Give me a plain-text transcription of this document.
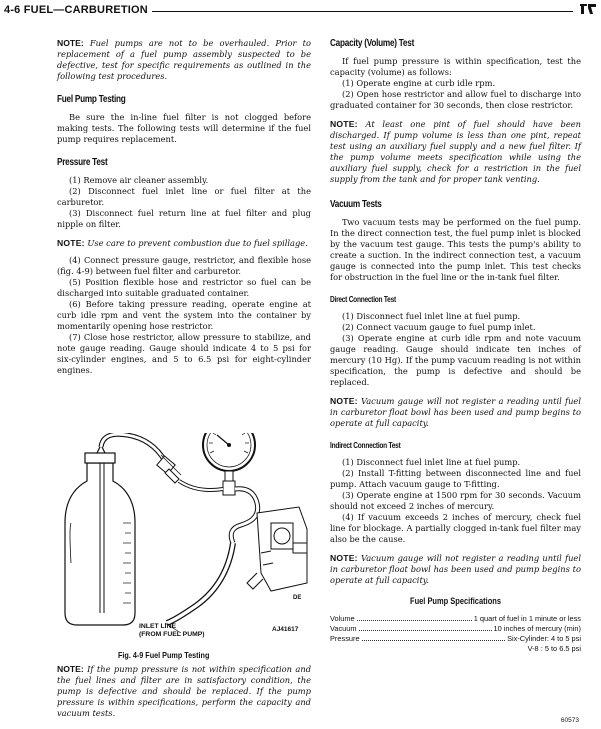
4-6 FUEL—CARBURETION

NOTE: Fuel pumps are not to be overhauled. Prior to replacement of a fuel pump assembly suspected to be defective, test for specific requirements as outlined in the following test procedures.

Fuel Pump Testing

Be sure the in-line fuel filter is not clogged before making tests. The following tests will determine if the fuel pump requires replacement.

Pressure Test

(1) Remove air cleaner assembly.

(2) Disconnect fuel inlet line or fuel filter at the carburetor.

(3) Disconnect fuel return line at fuel filter and plug nipple on filter.

NOTE: Use care to prevent combustion due to fuel spillage.

(4) Connect pressure gauge, restrictor, and flexible hose (fig. 4-9) between fuel filter and carburetor.

(5) Position flexible hose and restrictor so fuel can be discharged into suitable graduated container.

(6) Before taking pressure reading, operate engine at curb idle rpm and vent the system into the container by momentarily opening hose restrictor.

(7) Close hose restrictor, allow pressure to stabilize, and note gauge reading. Gauge should indicate 4 to 5 psi for six-cylinder engines, and 5 to 6.5 psi for eight-cylinder engines.

DE
INLET LINE
(FROM FUEL PUMP)
AJ41617
Fig. 4-9 Fuel Pump Testing

NOTE: If the pump pressure is not within specification and the fuel lines and filter are in satisfactory condition, the pump is defective and should be replaced. If the pump pressure is within specifications, perform the capacity and vacuum tests.

Capacity (Volume) Test

If fuel pump pressure is within specification, test the capacity (volume) as follows:

(1) Operate engine at curb idle rpm.

(2) Open hose restrictor and allow fuel to discharge into graduated container for 30 seconds, then close restrictor.

NOTE: At least one pint of fuel should have been discharged. If pump volume is less than one pint, repeat test using an auxiliary fuel supply and a new fuel filter. If the pump volume meets specification while using the auxiliary fuel supply, check for a restriction in the fuel supply from the tank and for proper tank venting.

Vacuum Tests

Two vacuum tests may be performed on the fuel pump. In the direct connection test, the fuel pump inlet is blocked by the vacuum test gauge. This tests the pump's ability to create a suction. In the indirect connection test, a vacuum gauge is connected into the pump inlet. This test checks for obstruction in the fuel line or the in-tank fuel filter.

Direct Connection Test

(1) Disconnect fuel inlet line at fuel pump.

(2) Connect vacuum gauge to fuel pump inlet.

(3) Operate engine at curb idle rpm and note vacuum gauge reading. Gauge should indicate ten inches of mercury (10 Hg). If the pump vacuum reading is not within specification, the pump is defective and should be replaced.

NOTE: Vacuum gauge will not register a reading until fuel in carburetor float bowl has been used and pump begins to operate at full capacity.

Indirect Connection Test

(1) Disconnect fuel inlet line at fuel pump.

(2) Install T-fitting between disconnected line and fuel pump. Attach vacuum gauge to T-fitting.

(3) Operate engine at 1500 rpm for 30 seconds. Vacuum should not exceed 2 inches of mercury.

(4) If vacuum exceeds 2 inches of mercury, check fuel line for blockage. A partially clogged in-tank fuel filter may also be the cause.

NOTE: Vacuum gauge will not register a reading until fuel in carburetor float bowl has been used and pump begins to operate at full capacity.

Fuel Pump Specifications
Volume	1 quart of fuel in 1 minute or less
Vacuum	10 inches of mercury (min)
Pressure	Six-Cylinder: 4 to 5 psi
V-8 : 5 to 6.5 psi
60573
